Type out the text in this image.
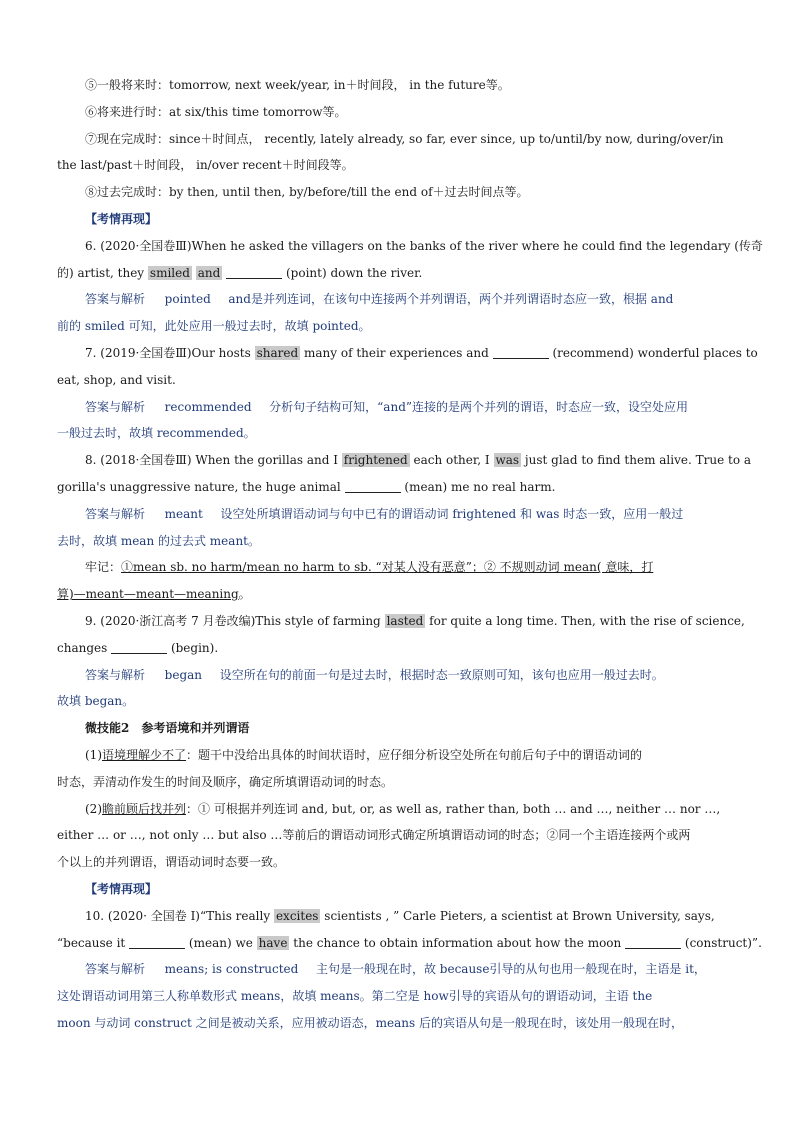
⑤一般将来时：tomorrow, next week/year, in＋时间段， in the future等。
⑥将来进行时：at six/this time tomorrow等。
⑦现在完成时：since＋时间点， recently, lately already, so far, ever since, up to/until/by now, during/over/in
the last/past＋时间段， in/over recent＋时间段等。
⑧过去完成时：by then, until then, by/before/till the end of＋过去时间点等。
【考情再现】
6. (2020·全国卷Ⅲ)When he asked the villagers on the banks of the river where he could find the legendary (传奇
的) artist, they smiled and	(point) down the river.
答案与解析 pointed and是并列连词，在该句中连接两个并列谓语，两个并列谓语时态应一致，根据 and
前的 smiled 可知，此处应用一般过去时，故填 pointed。
7. (2019·全国卷Ⅲ)Our hosts shared many of their experiences and	(recommend) wonderful places to
eat, shop, and visit.
答案与解析 recommended 分析句子结构可知，“and”连接的是两个并列的谓语，时态应一致，设空处应用
一般过去时，故填 recommended。
8. (2018·全国卷Ⅲ) When the gorillas and I frightened each other, I was just glad to find them alive. True to a
gorilla's unaggressive nature, the huge animal	(mean) me no real harm.
答案与解析 meant 设空处所填谓语动词与句中已有的谓语动词 frightened 和 was 时态一致，应用一般过
去时，故填 mean 的过去式 meant。
牢记：①mean sb. no harm/mean no harm to sb. “对某人没有恶意”；② 不规则动词 mean( 意味，打
算)—meant—meant—meaning。
9. (2020·浙江高考 7 月卷改编)This style of farming lasted for quite a long time. Then, with the rise of science,
changes	(begin).
答案与解析 began 设空所在句的前面一句是过去时，根据时态一致原则可知，该句也应用一般过去时。
故填 began。
微技能2　参考语境和并列谓语
(1)语境理解少不了：题干中没给出具体的时间状语时，应仔细分析设空处所在句前后句子中的谓语动词的
时态，弄清动作发生的时间及顺序，确定所填谓语动词的时态。
(2)瞻前顾后找并列：① 可根据并列连词 and, but, or, as well as, rather than, both … and …, neither … nor …,
either … or …, not only … but also …等前后的谓语动词形式确定所填谓语动词的时态；②同一个主语连接两个或两
个以上的并列谓语，谓语动词时态要一致。
【考情再现】
10. (2020· 全国卷 Ⅰ)“This really excites scientists , ” Carle Pieters, a scientist at Brown University, says,
“because it	(mean) we have the chance to obtain information about how the moon	(construct)”.
答案与解析 means; is constructed 主句是一般现在时，故 because引导的从句也用一般现在时，主语是 it，
这处谓语动词用第三人称单数形式 means，故填 means。第二空是 how引导的宾语从句的谓语动词，主语 the
moon 与动词 construct 之间是被动关系，应用被动语态，means 后的宾语从句是一般现在时，该处用一般现在时，
